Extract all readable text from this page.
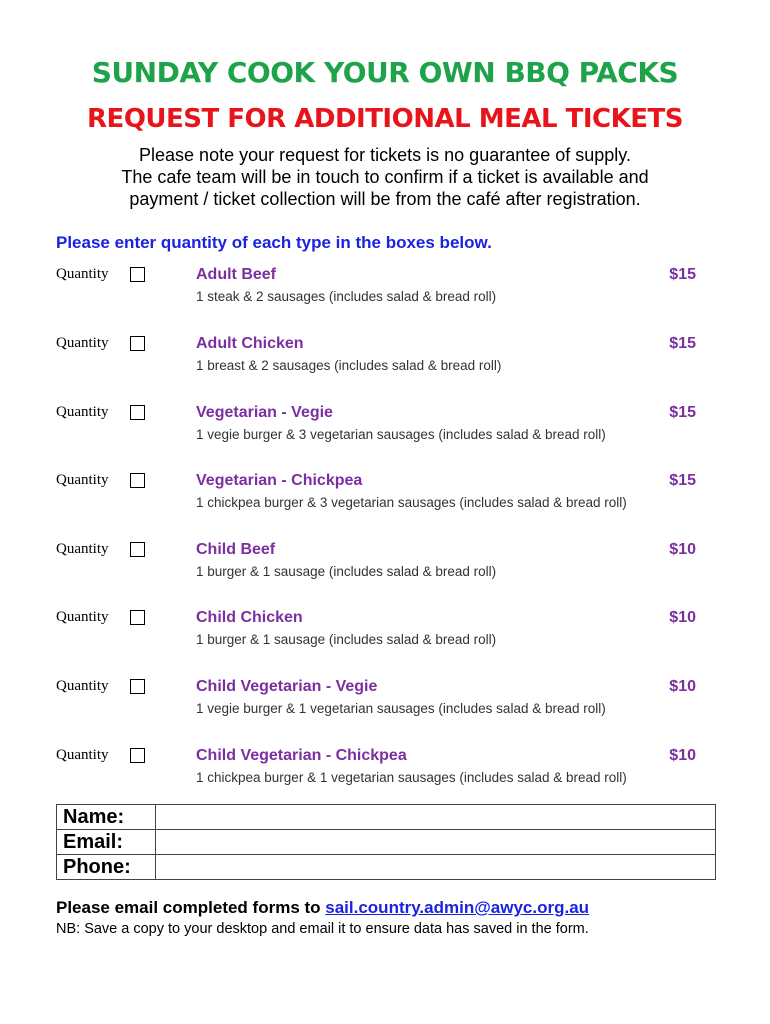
SUNDAY COOK YOUR OWN BBQ PACKS
REQUEST FOR ADDITIONAL MEAL TICKETS
Please note your request for tickets is no guarantee of supply.
The cafe team will be in touch to confirm if a ticket is available and
payment / ticket collection will be from the café after registration.
Please enter quantity of each type in the boxes below.
Quantity	Adult Beef	$15
1 steak & 2 sausages (includes salad & bread roll)
Quantity	Adult Chicken	$15
1 breast & 2 sausages (includes salad & bread roll)
Quantity	Vegetarian - Vegie	$15
1 vegie burger & 3 vegetarian sausages (includes salad & bread roll)
Quantity	Vegetarian - Chickpea	$15
1 chickpea burger & 3 vegetarian sausages (includes salad & bread roll)
Quantity	Child Beef	$10
1 burger & 1 sausage (includes salad & bread roll)
Quantity	Child Chicken	$10
1 burger & 1 sausage (includes salad & bread roll)
Quantity	Child Vegetarian - Vegie	$10
1 vegie burger & 1 vegetarian sausages (includes salad & bread roll)
Quantity	Child Vegetarian - Chickpea	$10
1 chickpea burger & 1 vegetarian sausages (includes salad & bread roll)
Name:	
Email:	
Phone:	
Please email completed forms to sail.country.admin@awyc.org.au
NB: Save a copy to your desktop and email it to ensure data has saved in the form.
